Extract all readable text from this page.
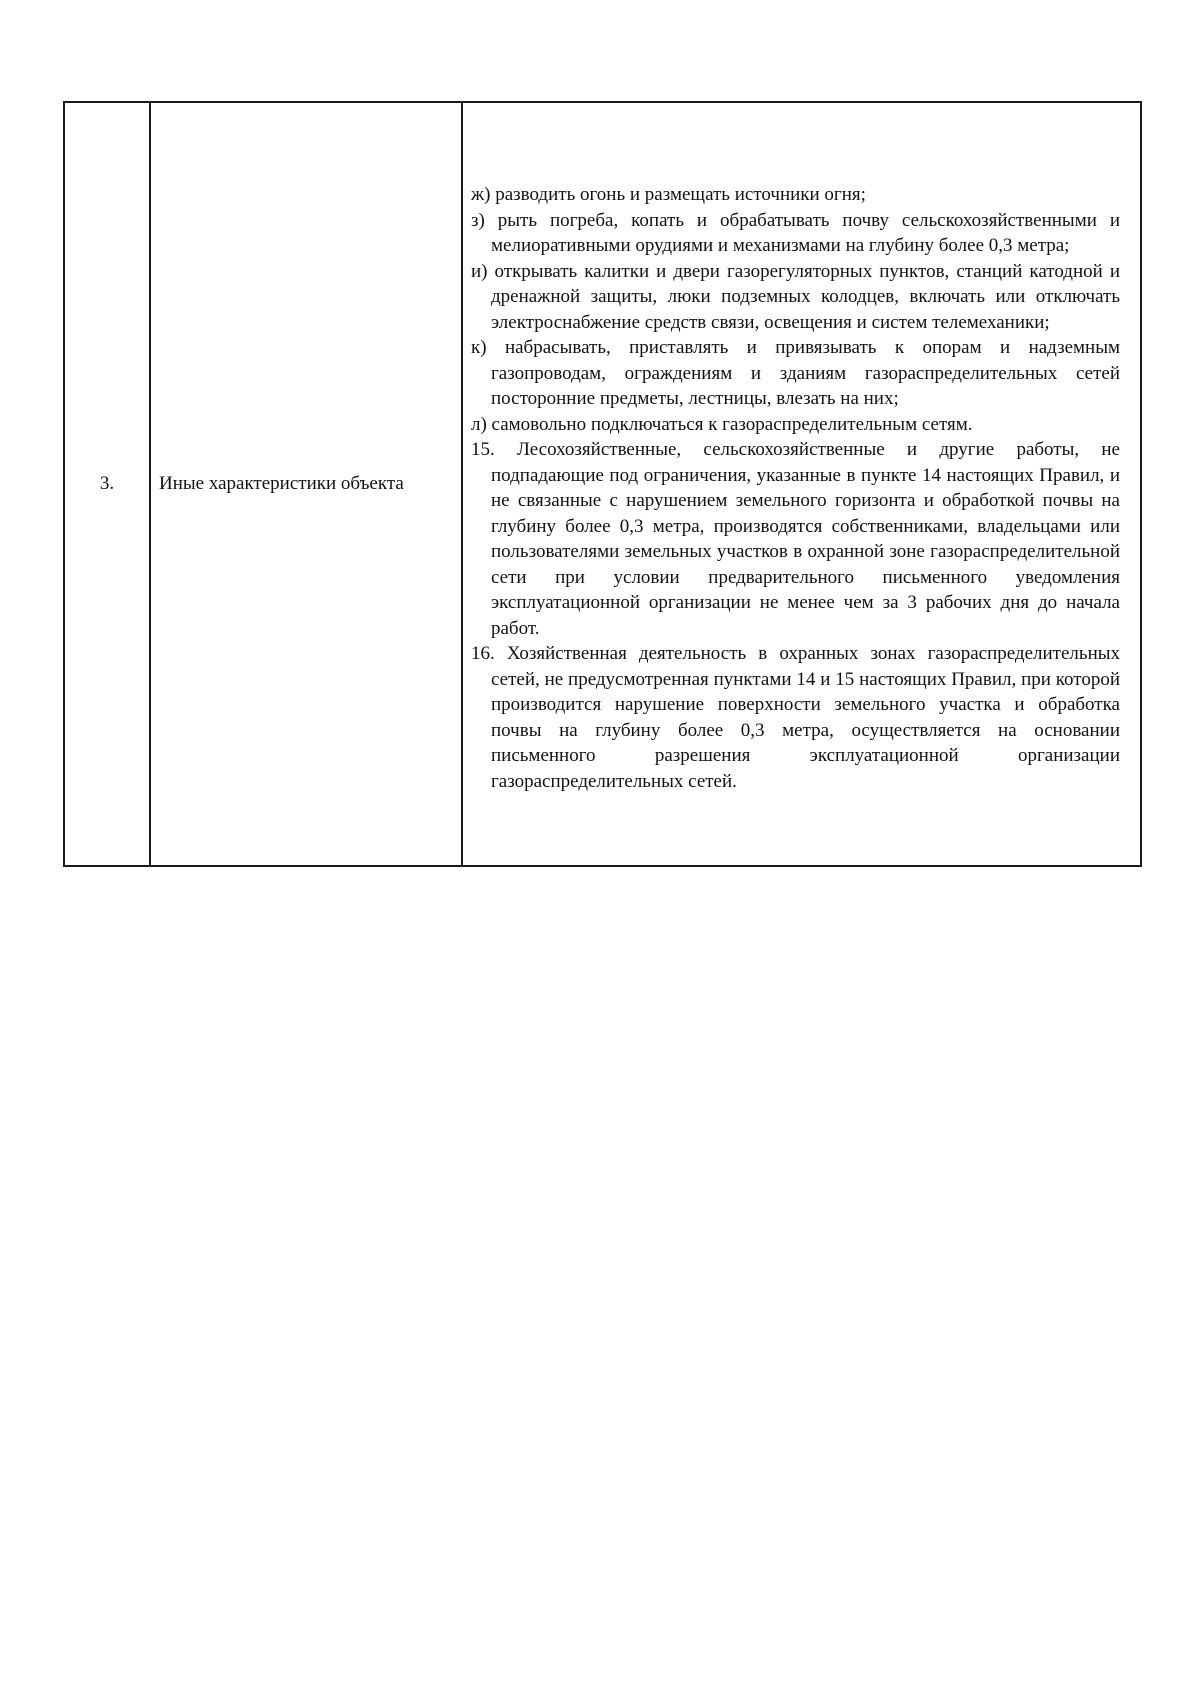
3.	Иные характеристики объекта	

ж) разводить огонь и размещать источники огня;

з) рыть погреба, копать и обрабатывать почву сельскохозяйственными и мелиоративными орудиями и механизмами на глубину более 0,3 метра;

и) открывать калитки и двери газорегуляторных пунктов, станций катодной и дренажной защиты, люки подземных колодцев, включать или отключать электроснабжение средств связи, освещения и систем телемеханики;

к) набрасывать, приставлять и привязывать к опорам и надземным газопроводам, ограждениям и зданиям газораспределительных сетей посторонние предметы, лестницы, влезать на них;

л) самовольно подключаться к газораспределительным сетям.

15. Лесохозяйственные, сельскохозяйственные и другие работы, не подпадающие под ограничения, указанные в пункте 14 настоящих Правил, и не связанные с нарушением земельного горизонта и обработкой почвы на глубину более 0,3 метра, производятся собственниками, владельцами или пользователями земельных участков в охранной зоне газораспределительной сети при условии предварительного письменного уведомления эксплуатационной организации не менее чем за 3 рабочих дня до начала работ.

16. Хозяйственная деятельность в охранных зонах газораспределительных сетей, не предусмотренная пунктами 14 и 15 настоящих Правил, при которой производится нарушение поверхности земельного участка и обработка почвы на глубину более 0,3 метра, осуществляется на основании письменного разрешения эксплуатационной организации газораспределительных сетей.
